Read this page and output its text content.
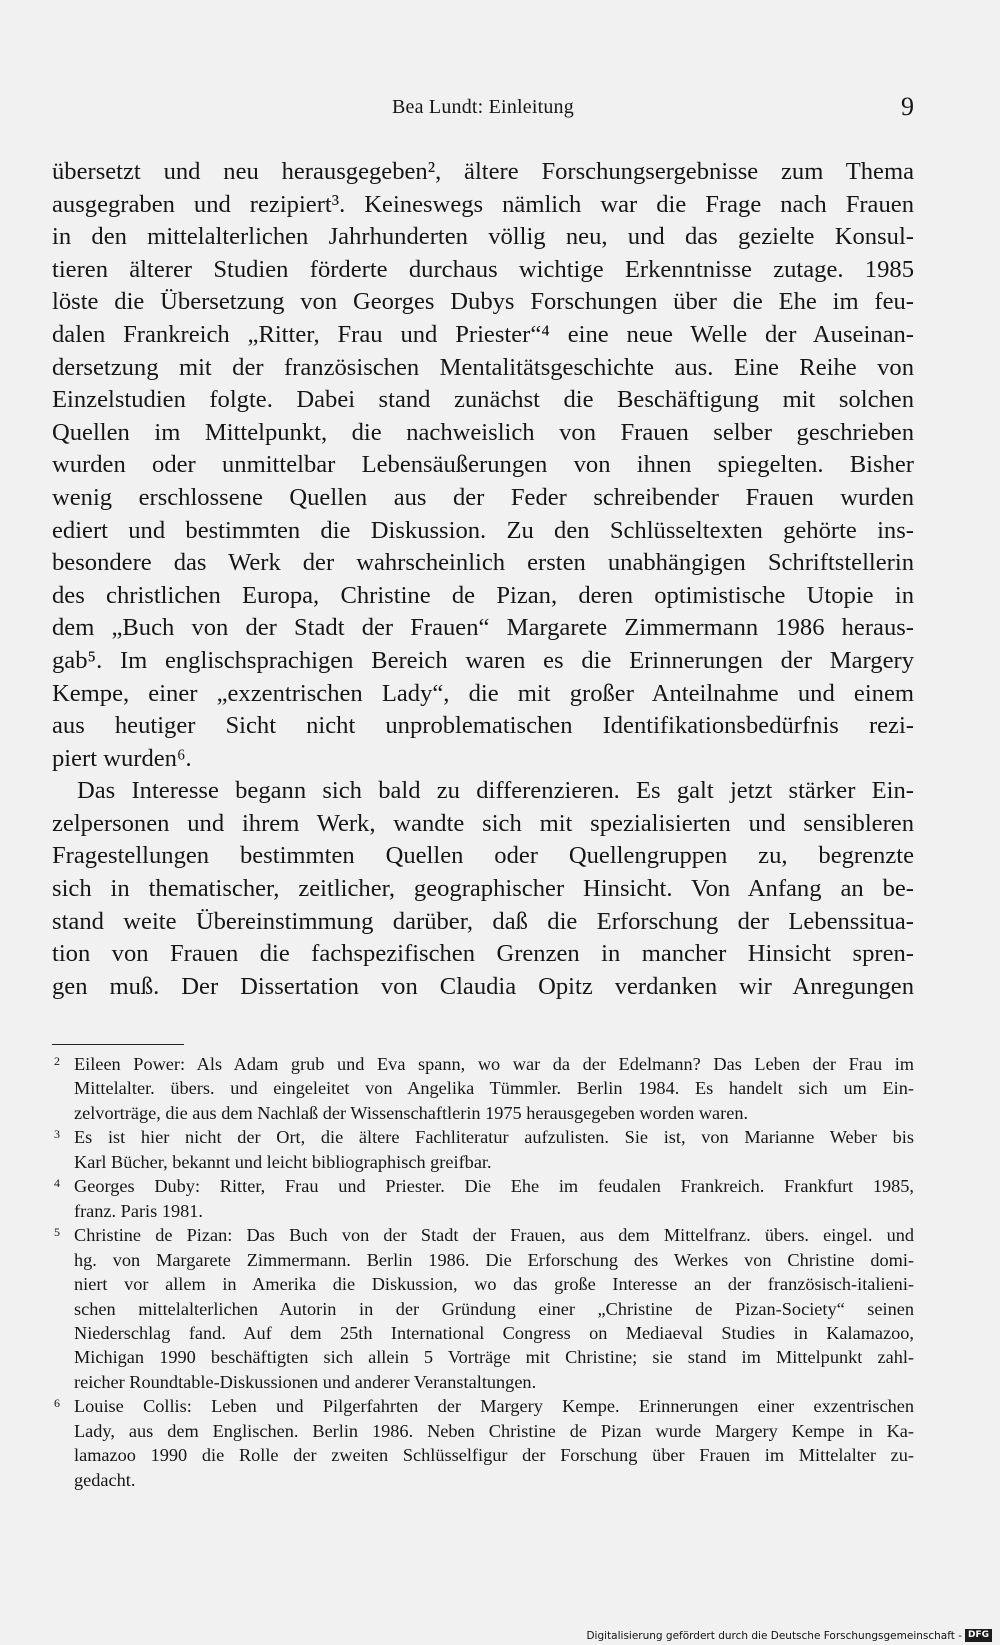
Bea Lundt: Einleitung	9
übersetzt und neu herausgegeben², ältere Forschungsergebnisse zum Thema
ausgegraben und rezipiert³. Keineswegs nämlich war die Frage nach Frauen
in den mittelalterlichen Jahrhunderten völlig neu, und das gezielte Konsul-
tieren älterer Studien förderte durchaus wichtige Erkenntnisse zutage. 1985
löste die Übersetzung von Georges Dubys Forschungen über die Ehe im feu-
dalen Frankreich „Ritter, Frau und Priester“⁴ eine neue Welle der Auseinan-
dersetzung mit der französischen Mentalitätsgeschichte aus. Eine Reihe von
Einzelstudien folgte. Dabei stand zunächst die Beschäftigung mit solchen
Quellen im Mittelpunkt, die nachweislich von Frauen selber geschrieben
wurden oder unmittelbar Lebensäußerungen von ihnen spiegelten. Bisher
wenig erschlossene Quellen aus der Feder schreibender Frauen wurden
ediert und bestimmten die Diskussion. Zu den Schlüsseltexten gehörte ins-
besondere das Werk der wahrscheinlich ersten unabhängigen Schriftstellerin
des christlichen Europa, Christine de Pizan, deren optimistische Utopie in
dem „Buch von der Stadt der Frauen“ Margarete Zimmermann 1986 heraus-
gab⁵. Im englischsprachigen Bereich waren es die Erinnerungen der Margery
Kempe, einer „exzentrischen Lady“, die mit großer Anteilnahme und einem
aus heutiger Sicht nicht unproblematischen Identifikationsbedürfnis rezi-
piert wurden⁶.
Das Interesse begann sich bald zu differenzieren. Es galt jetzt stärker Ein-
zelpersonen und ihrem Werk, wandte sich mit spezialisierten und sensibleren
Fragestellungen bestimmten Quellen oder Quellengruppen zu, begrenzte
sich in thematischer, zeitlicher, geographischer Hinsicht. Von Anfang an be-
stand weite Übereinstimmung darüber, daß die Erforschung der Lebenssitua-
tion von Frauen die fachspezifischen Grenzen in mancher Hinsicht spren-
gen muß. Der Dissertation von Claudia Opitz verdanken wir Anregungen
2 Eileen Power: Als Adam grub und Eva spann, wo war da der Edelmann? Das Leben der Frau im
Mittelalter. übers. und eingeleitet von Angelika Tümmler. Berlin 1984. Es handelt sich um Ein-
zelvorträge, die aus dem Nachlaß der Wissenschaftlerin 1975 herausgegeben worden waren.
3 Es ist hier nicht der Ort, die ältere Fachliteratur aufzulisten. Sie ist, von Marianne Weber bis
Karl Bücher, bekannt und leicht bibliographisch greifbar.
4 Georges Duby: Ritter, Frau und Priester. Die Ehe im feudalen Frankreich. Frankfurt 1985,
franz. Paris 1981.
5 Christine de Pizan: Das Buch von der Stadt der Frauen, aus dem Mittelfranz. übers. eingel. und
hg. von Margarete Zimmermann. Berlin 1986. Die Erforschung des Werkes von Christine domi-
niert vor allem in Amerika die Diskussion, wo das große Interesse an der französisch-italieni-
schen mittelalterlichen Autorin in der Gründung einer „Christine de Pizan-Society“ seinen
Niederschlag fand. Auf dem 25th International Congress on Mediaeval Studies in Kalamazoo,
Michigan 1990 beschäftigten sich allein 5 Vorträge mit Christine; sie stand im Mittelpunkt zahl-
reicher Roundtable-Diskussionen und anderer Veranstaltungen.
6 Louise Collis: Leben und Pilgerfahrten der Margery Kempe. Erinnerungen einer exzentrischen
Lady, aus dem Englischen. Berlin 1986. Neben Christine de Pizan wurde Margery Kempe in Ka-
lamazoo 1990 die Rolle der zweiten Schlüsselfigur der Forschung über Frauen im Mittelalter zu-
gedacht.
Digitalisierung gefördert durch die Deutsche Forschungsgemeinschaft - DFG
